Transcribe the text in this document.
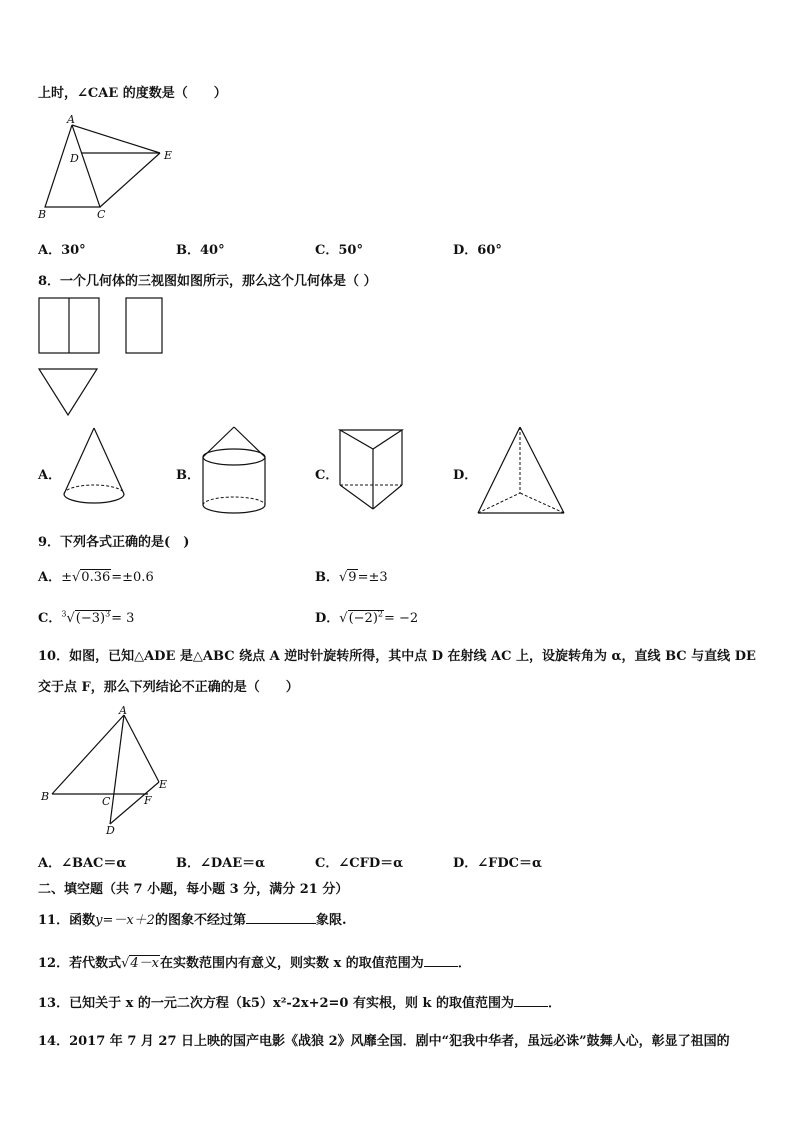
上时，∠CAE 的度数是（　　）
A
D	E
B	C
A．30°	B．40°	C．50°	D．60°
8．一个几何体的三视图如图所示，那么这个几何体是（ ）
A．	B．	C．	D．
9．下列各式正确的是(　)
A．±√0.36=±0.6	B．√9=±3
C．$^3√(-3)^3= 3$	D．$√(-2)^2= -2$
10．如图，已知△ADE 是△ABC 绕点 A 逆时针旋转所得，其中点 D 在射线 AC 上，设旋转角为 α，直线 BC 与直线 DE
交于点 F，那么下列结论不正确的是（　　）
A
B	C	F
E
D
A．∠BAC＝α	B．∠DAE＝α	C．∠CFD＝α	D．∠FDC＝α
二、填空题（共 7 小题，每小题 3 分，满分 21 分）
11．函数y=－x＋2的图象不经过第	象限.
12．若代数式√4－x在实数范围内有意义，则实数 x 的取值范围为	．
13．已知关于 x 的一元二次方程（k5）x²-2x+2=0 有实根，则 k 的取值范围为	．
14．2017 年 7 月 27 日上映的国产电影《战狼 2》风靡全国．剧中“犯我中华者，虽远必诛”鼓舞人心，彰显了祖国的
